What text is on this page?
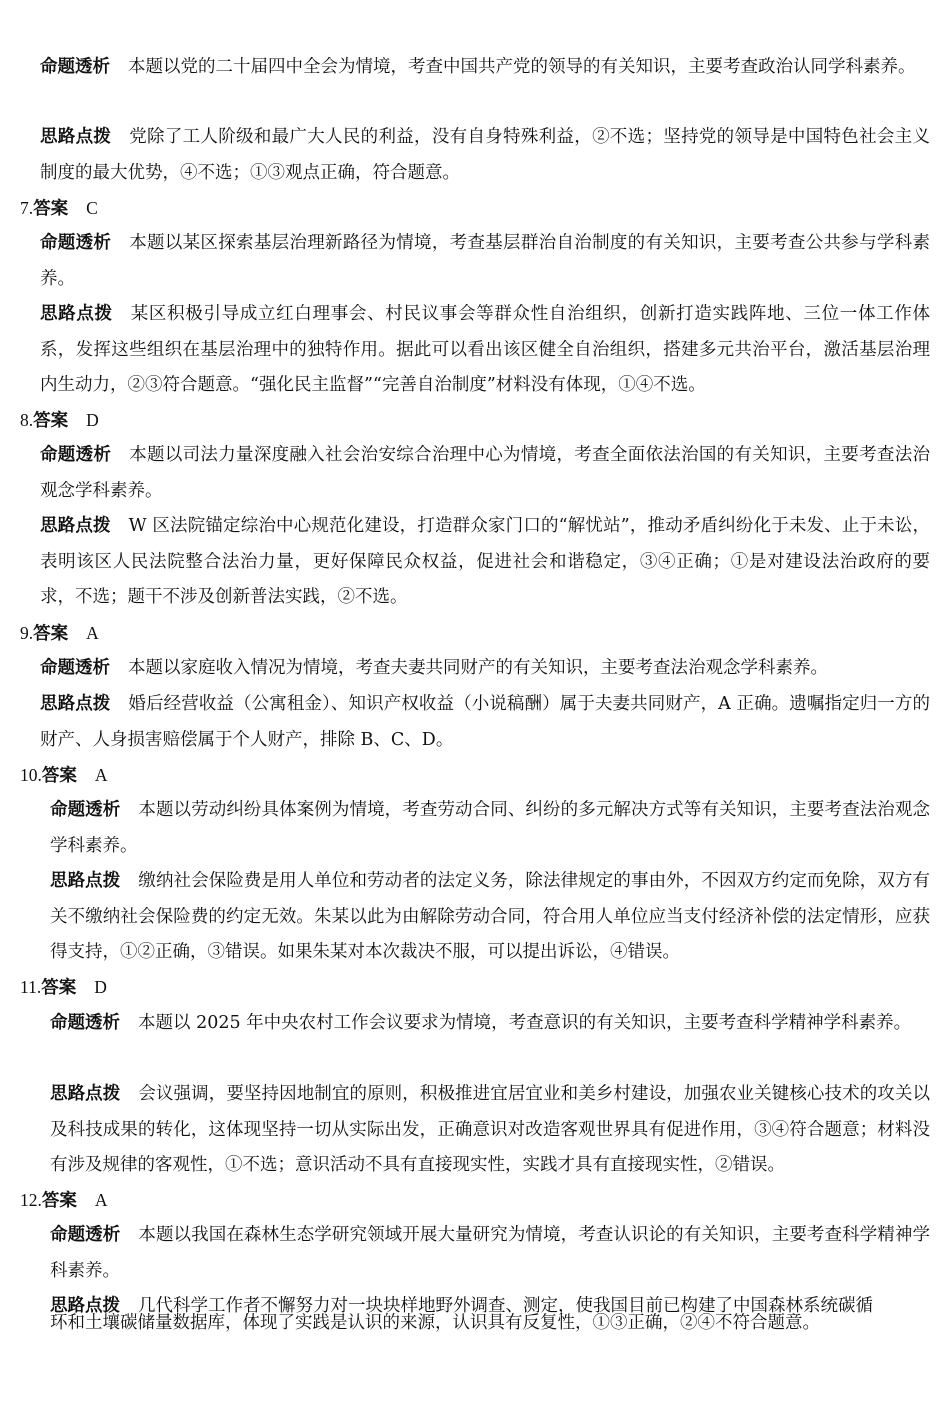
命题透析 本题以党的二十届四中全会为情境，考查中国共产党的领导的有关知识，主要考查政治认同学科素养。
思路点拨 党除了工人阶级和最广大人民的利益，没有自身特殊利益，②不选；坚持党的领导是中国特色社会主义制度的最大优势，④不选；①③观点正确，符合题意。
7.答案 C
命题透析 本题以某区探索基层治理新路径为情境，考查基层群治自治制度的有关知识，主要考查公共参与学科素养。
思路点拨 某区积极引导成立红白理事会、村民议事会等群众性自治组织，创新打造实践阵地、三位一体工作体系，发挥这些组织在基层治理中的独特作用。据此可以看出该区健全自治组织，搭建多元共治平台，激活基层治理内生动力，②③符合题意。“强化民主监督”“完善自治制度”材料没有体现，①④不选。
8.答案 D
命题透析 本题以司法力量深度融入社会治安综合治理中心为情境，考查全面依法治国的有关知识，主要考查法治观念学科素养。
思路点拨 W 区法院锚定综治中心规范化建设，打造群众家门口的“解忧站”，推动矛盾纠纷化于未发、止于未讼，表明该区人民法院整合法治力量，更好保障民众权益，促进社会和谐稳定，③④正确；①是对建设法治政府的要求，不选；题干不涉及创新普法实践，②不选。
9.答案 A
命题透析 本题以家庭收入情况为情境，考查夫妻共同财产的有关知识，主要考查法治观念学科素养。
思路点拨 婚后经营收益（公寓租金）、知识产权收益（小说稿酬）属于夫妻共同财产，A 正确。遗嘱指定归一方的财产、人身损害赔偿属于个人财产，排除 B、C、D。
10.答案 A
命题透析 本题以劳动纠纷具体案例为情境，考查劳动合同、纠纷的多元解决方式等有关知识，主要考查法治观念学科素养。
思路点拨 缴纳社会保险费是用人单位和劳动者的法定义务，除法律规定的事由外，不因双方约定而免除，双方有关不缴纳社会保险费的约定无效。朱某以此为由解除劳动合同，符合用人单位应当支付经济补偿的法定情形，应获得支持，①②正确，③错误。如果朱某对本次裁决不服，可以提出诉讼，④错误。
11.答案 D
命题透析 本题以 2025 年中央农村工作会议要求为情境，考查意识的有关知识，主要考查科学精神学科素养。
思路点拨 会议强调，要坚持因地制宜的原则，积极推进宜居宜业和美乡村建设，加强农业关键核心技术的攻关以及科技成果的转化，这体现坚持一切从实际出发，正确意识对改造客观世界具有促进作用，③④符合题意；材料没有涉及规律的客观性，①不选；意识活动不具有直接现实性，实践才具有直接现实性，②错误。
12.答案 A
命题透析 本题以我国在森林生态学研究领域开展大量研究为情境，考查认识论的有关知识，主要考查科学精神学科素养。
思路点拨 几代科学工作者不懈努力对一块块样地野外调查、测定，使我国目前已构建了中国森林系统碳循
环和土壤碳储量数据库，体现了实践是认识的来源，认识具有反复性，①③正确，②④不符合题意。
